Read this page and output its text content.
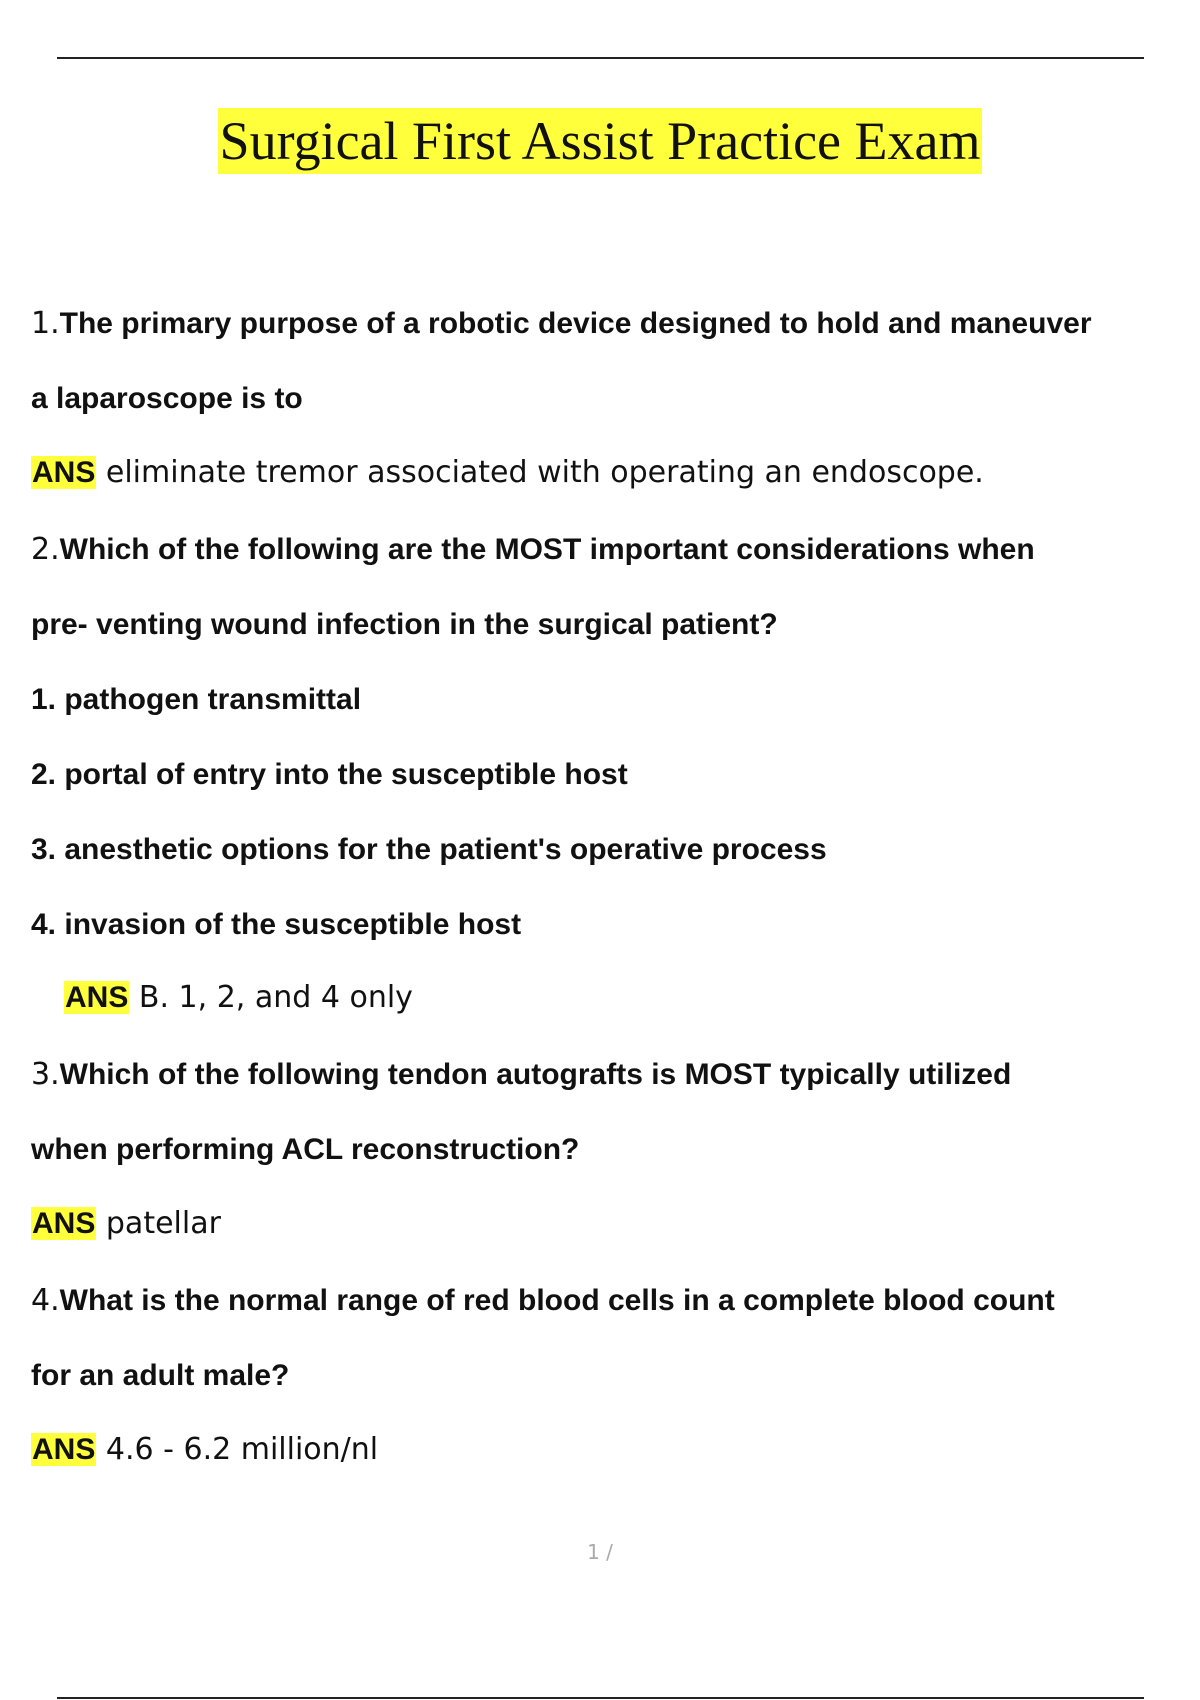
Surgical First Assist Practice Exam
1.The primary purpose of a robotic device designed to hold and maneuver
a laparoscope is to
ANS eliminate tremor associated with operating an endoscope.
2.Which of the following are the MOST important considerations when
pre- venting wound infection in the surgical patient?
1. pathogen transmittal
2. portal of entry into the susceptible host
3. anesthetic options for the patient's operative process
4. invasion of the susceptible host
ANS B. 1, 2, and 4 only
3.Which of the following tendon autografts is MOST typically utilized
when performing ACL reconstruction?
ANS patellar
4.What is the normal range of red blood cells in a complete blood count
for an adult male?
ANS 4.6 - 6.2 million/nl
1 /
